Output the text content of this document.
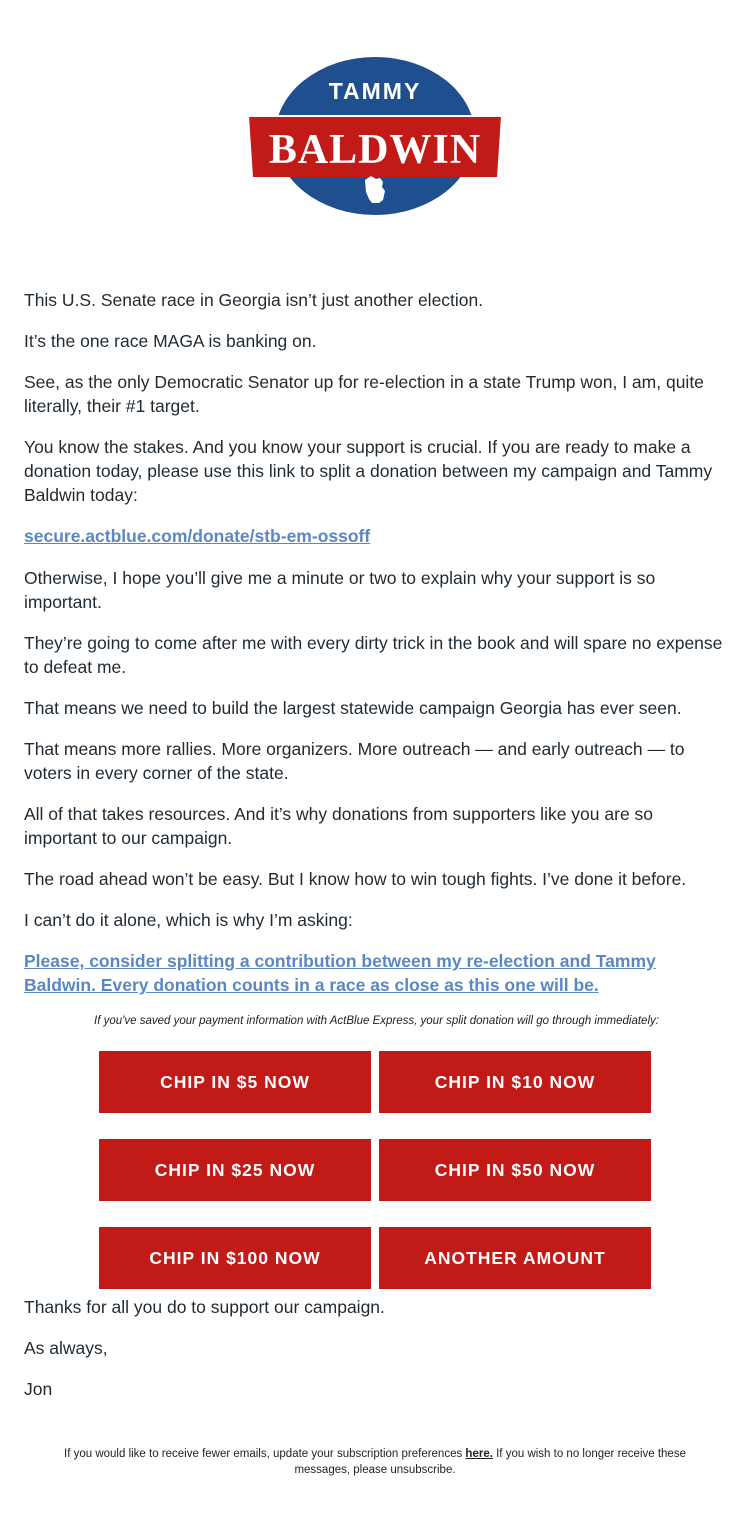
TAMMY
BALDWIN

This U.S. Senate race in Georgia isn’t just another election.

It’s the one race MAGA is banking on.

See, as the only Democratic Senator up for re-election in a state Trump won, I am, quite literally, their #1 target.

You know the stakes. And you know your support is crucial. If you are ready to make a donation today, please use this link to split a donation between my campaign and Tammy Baldwin today:

secure.actblue.com/donate/stb-em-ossoff

Otherwise, I hope you’ll give me a minute or two to explain why your support is so important.

They’re going to come after me with every dirty trick in the book and will spare no expense to defeat me.

That means we need to build the largest statewide campaign Georgia has ever seen.

That means more rallies. More organizers. More outreach — and early outreach — to voters in every corner of the state.

All of that takes resources. And it’s why donations from supporters like you are so important to our campaign.

The road ahead won’t be easy. But I know how to win tough fights. I’ve done it before.

I can’t do it alone, which is why I’m asking:

Please, consider splitting a contribution between my re-election and Tammy Baldwin. Every donation counts in a race as close as this one will be.

If you've saved your payment information with ActBlue Express, your split donation will go through immediately:

CHIP IN $5 NOW	CHIP IN $10 NOW
CHIP IN $25 NOW	CHIP IN $50 NOW
CHIP IN $100 NOW	ANOTHER AMOUNT

Thanks for all you do to support our campaign.

As always,

Jon

If you would like to receive fewer emails, update your subscription preferences here. If you wish to no longer receive these messages, please unsubscribe.
